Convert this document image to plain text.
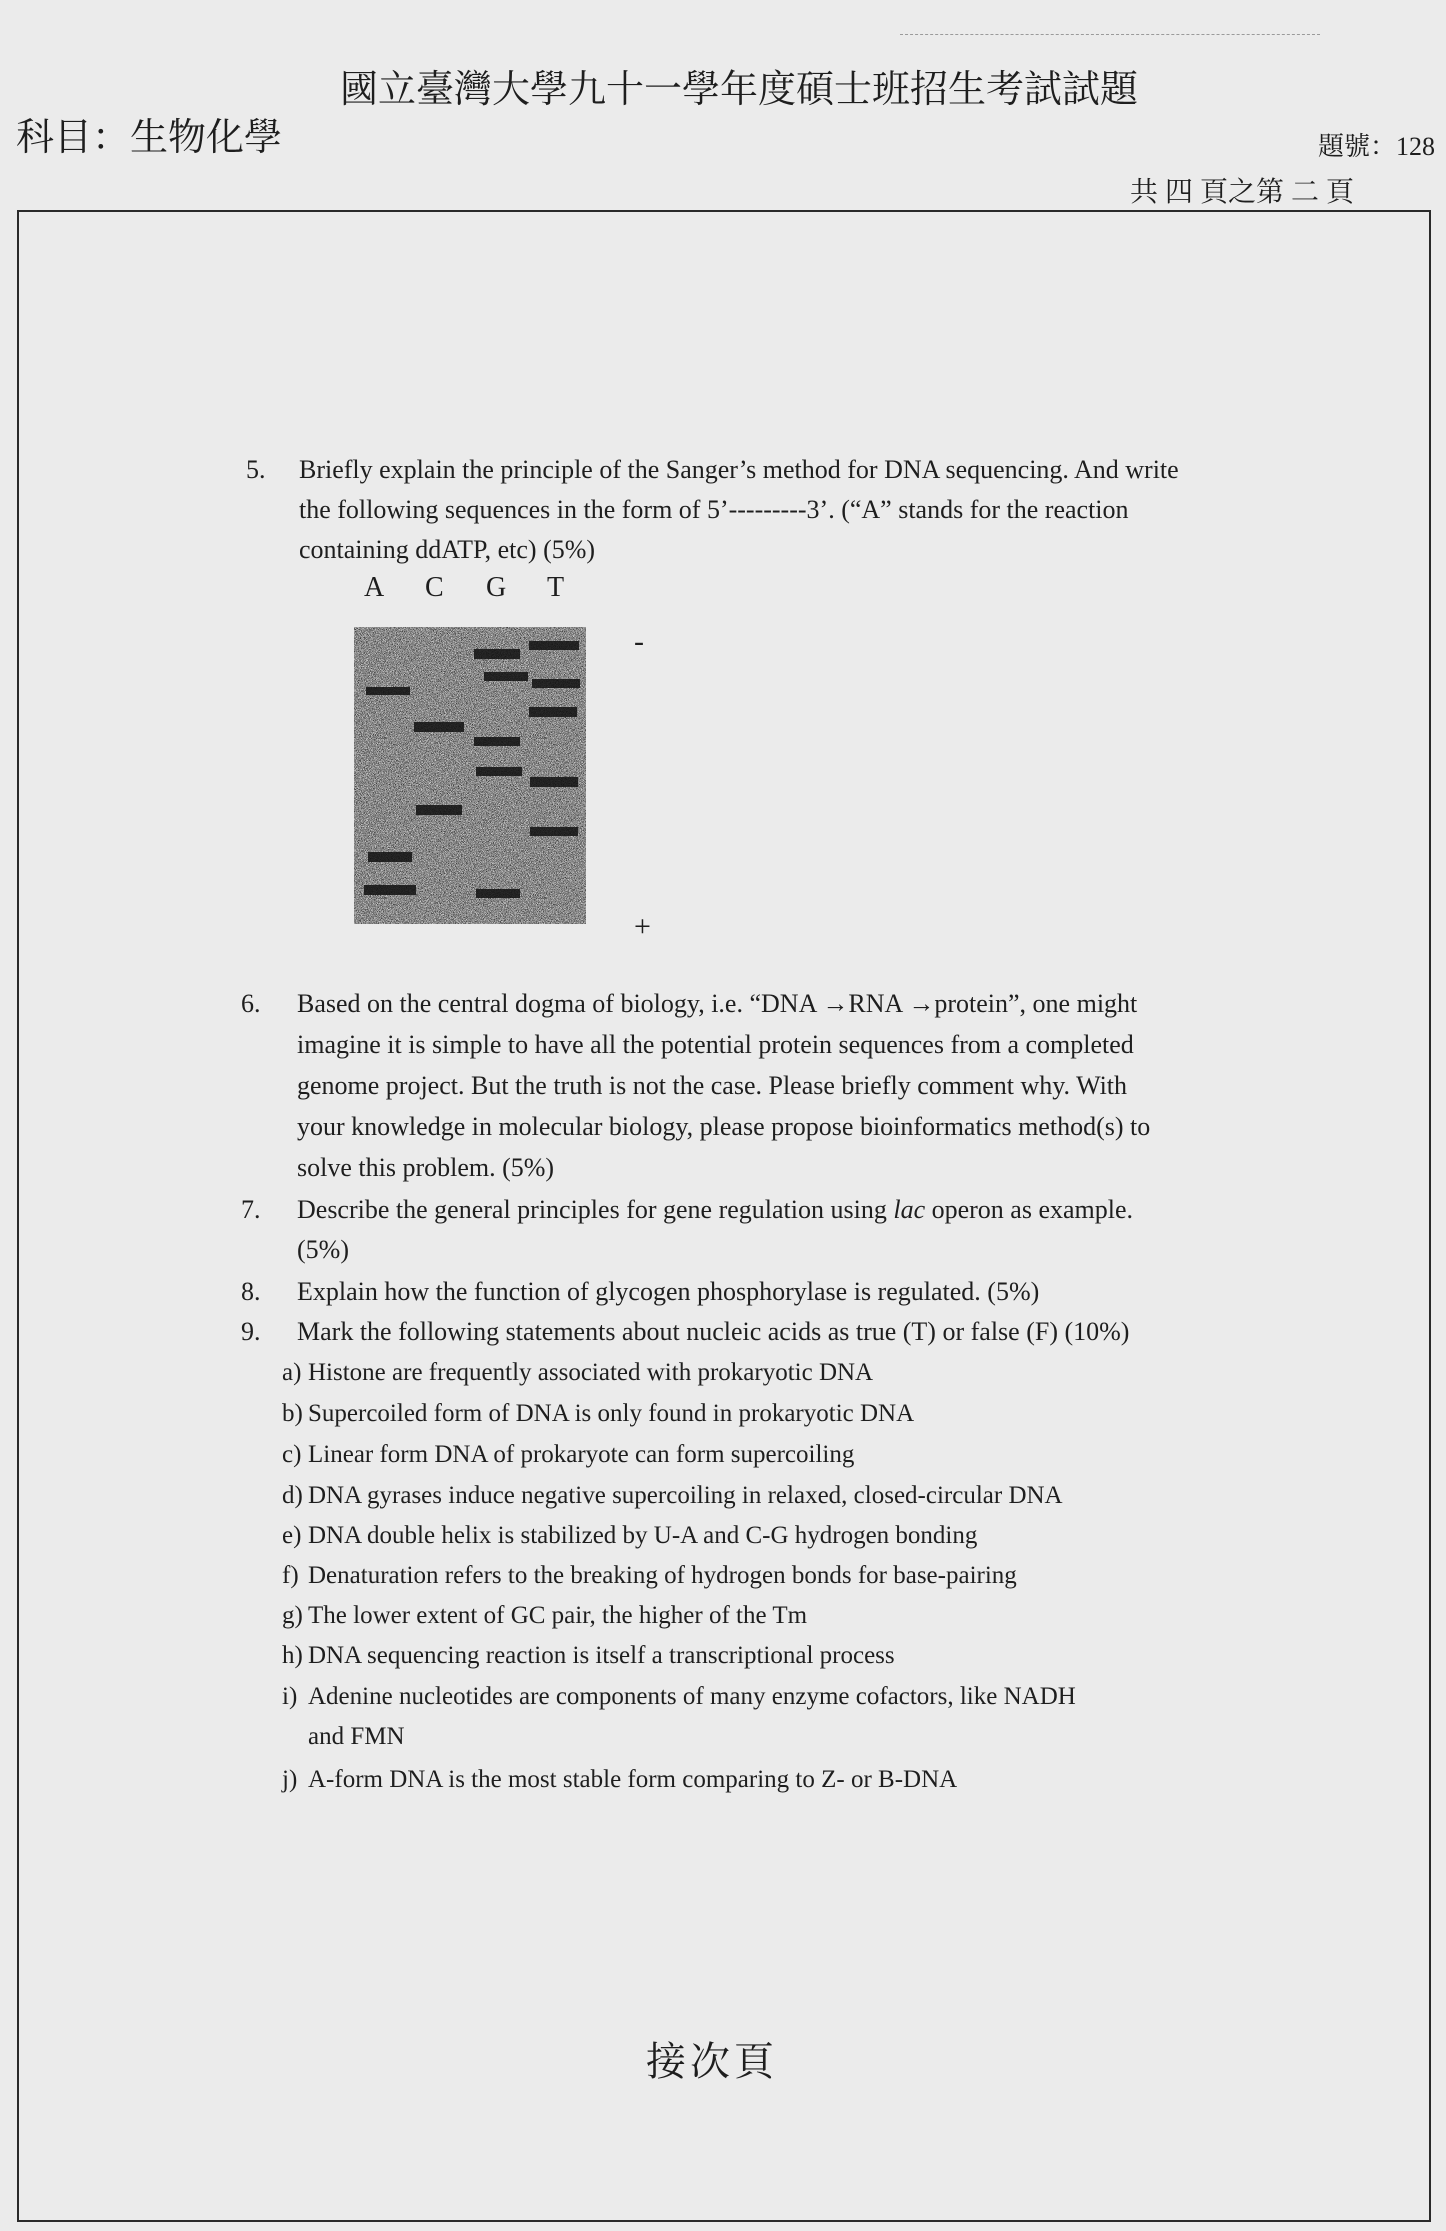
國立臺灣大學九十一學年度碩士班招生考試試題
科目：生物化學	題號：128
共 四 頁之第 二 頁
5.	Briefly explain the principle of the Sanger’s method for DNA sequencing. And write
the following sequences in the form of 5’---------3’. (“A” stands for the reaction
containing ddATP, etc) (5%)
A C G T
-
+
6.	Based on the central dogma of biology, i.e. “DNA →RNA →protein”, one might
imagine it is simple to have all the potential protein sequences from a completed
genome project. But the truth is not the case. Please briefly comment why. With
your knowledge in molecular biology, please propose bioinformatics method(s) to
solve this problem. (5%)
7.	Describe the general principles for gene regulation using lac operon as example.
(5%)
8.	Explain how the function of glycogen phosphorylase is regulated. (5%)
9.	Mark the following statements about nucleic acids as true (T) or false (F) (10%)
a) Histone are frequently associated with prokaryotic DNA
b) Supercoiled form of DNA is only found in prokaryotic DNA
c) Linear form DNA of prokaryote can form supercoiling
d) DNA gyrases induce negative supercoiling in relaxed, closed-circular DNA
e) DNA double helix is stabilized by U-A and C-G hydrogen bonding
f) Denaturation refers to the breaking of hydrogen bonds for base-pairing
g) The lower extent of GC pair, the higher of the Tm
h) DNA sequencing reaction is itself a transcriptional process
i) Adenine nucleotides are components of many enzyme cofactors, like NADH
and FMN
j) A-form DNA is the most stable form comparing to Z- or B-DNA
接次頁
